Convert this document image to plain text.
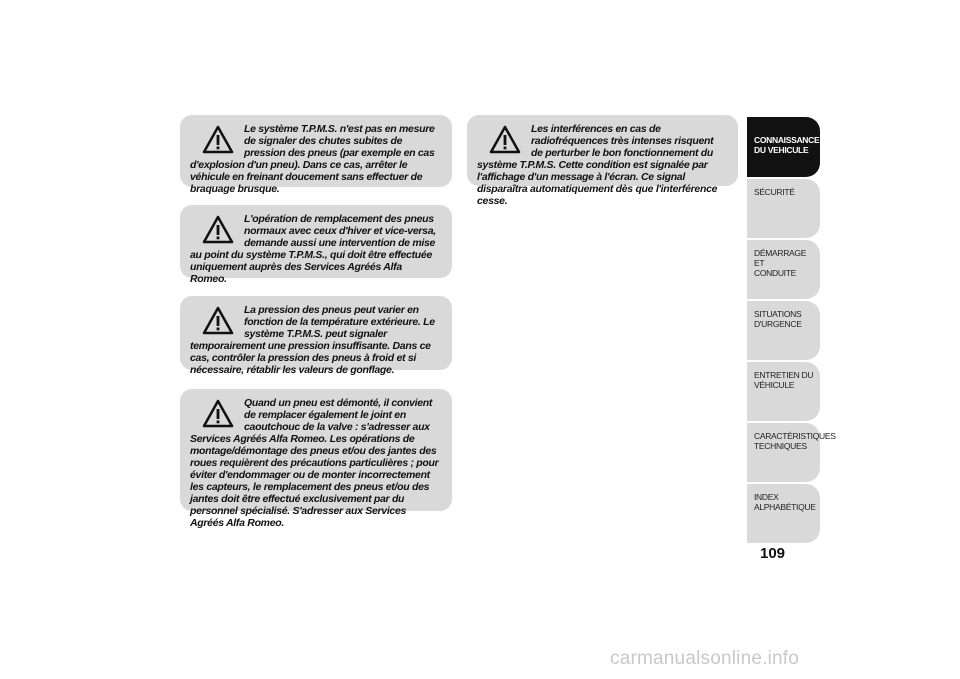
Le système T.P.M.S. n'est pas en mesure de signaler des chutes subites de pression des pneus (par exemple en cas d'explosion d'un pneu). Dans ce cas, arrêter le véhicule en freinant doucement sans effectuer de braquage brusque.
L'opération de remplacement des pneus normaux avec ceux d'hiver et vice-versa, demande aussi une intervention de mise au point du système T.P.M.S., qui doit être effectuée uniquement auprès des Services Agréés Alfa Romeo.
La pression des pneus peut varier en fonction de la température extérieure. Le système T.P.M.S. peut signaler temporairement une pression insuffisante. Dans ce cas, contrôler la pression des pneus à froid et si nécessaire, rétablir les valeurs de gonflage.
Quand un pneu est démonté, il convient de remplacer également le joint en caoutchouc de la valve : s'adresser aux Services Agréés Alfa Romeo. Les opérations de montage/démontage des pneus et/ou des jantes des roues requièrent des précautions particulières ; pour éviter d'endommager ou de monter incorrectement les capteurs, le remplacement des pneus et/ou des jantes doit être effectué exclusivement par du personnel spécialisé. S'adresser aux Services Agréés Alfa Romeo.
Les interférences en cas de radiofréquences très intenses risquent de perturber le bon fonctionnement du système T.P.M.S. Cette condition est signalée par l'affichage d'un message à l'écran. Ce signal disparaîtra automatiquement dès que l'interférence cesse.
CONNAISSANCE
DU VEHICULE
SÉCURITÉ
DÉMARRAGE ET
CONDUITE
SITUATIONS
D'URGENCE
ENTRETIEN DU
VÉHICULE
CARACTÉRISTIQUES
TECHNIQUES
INDEX
ALPHABÉTIQUE
109
carmanualsonline.info
